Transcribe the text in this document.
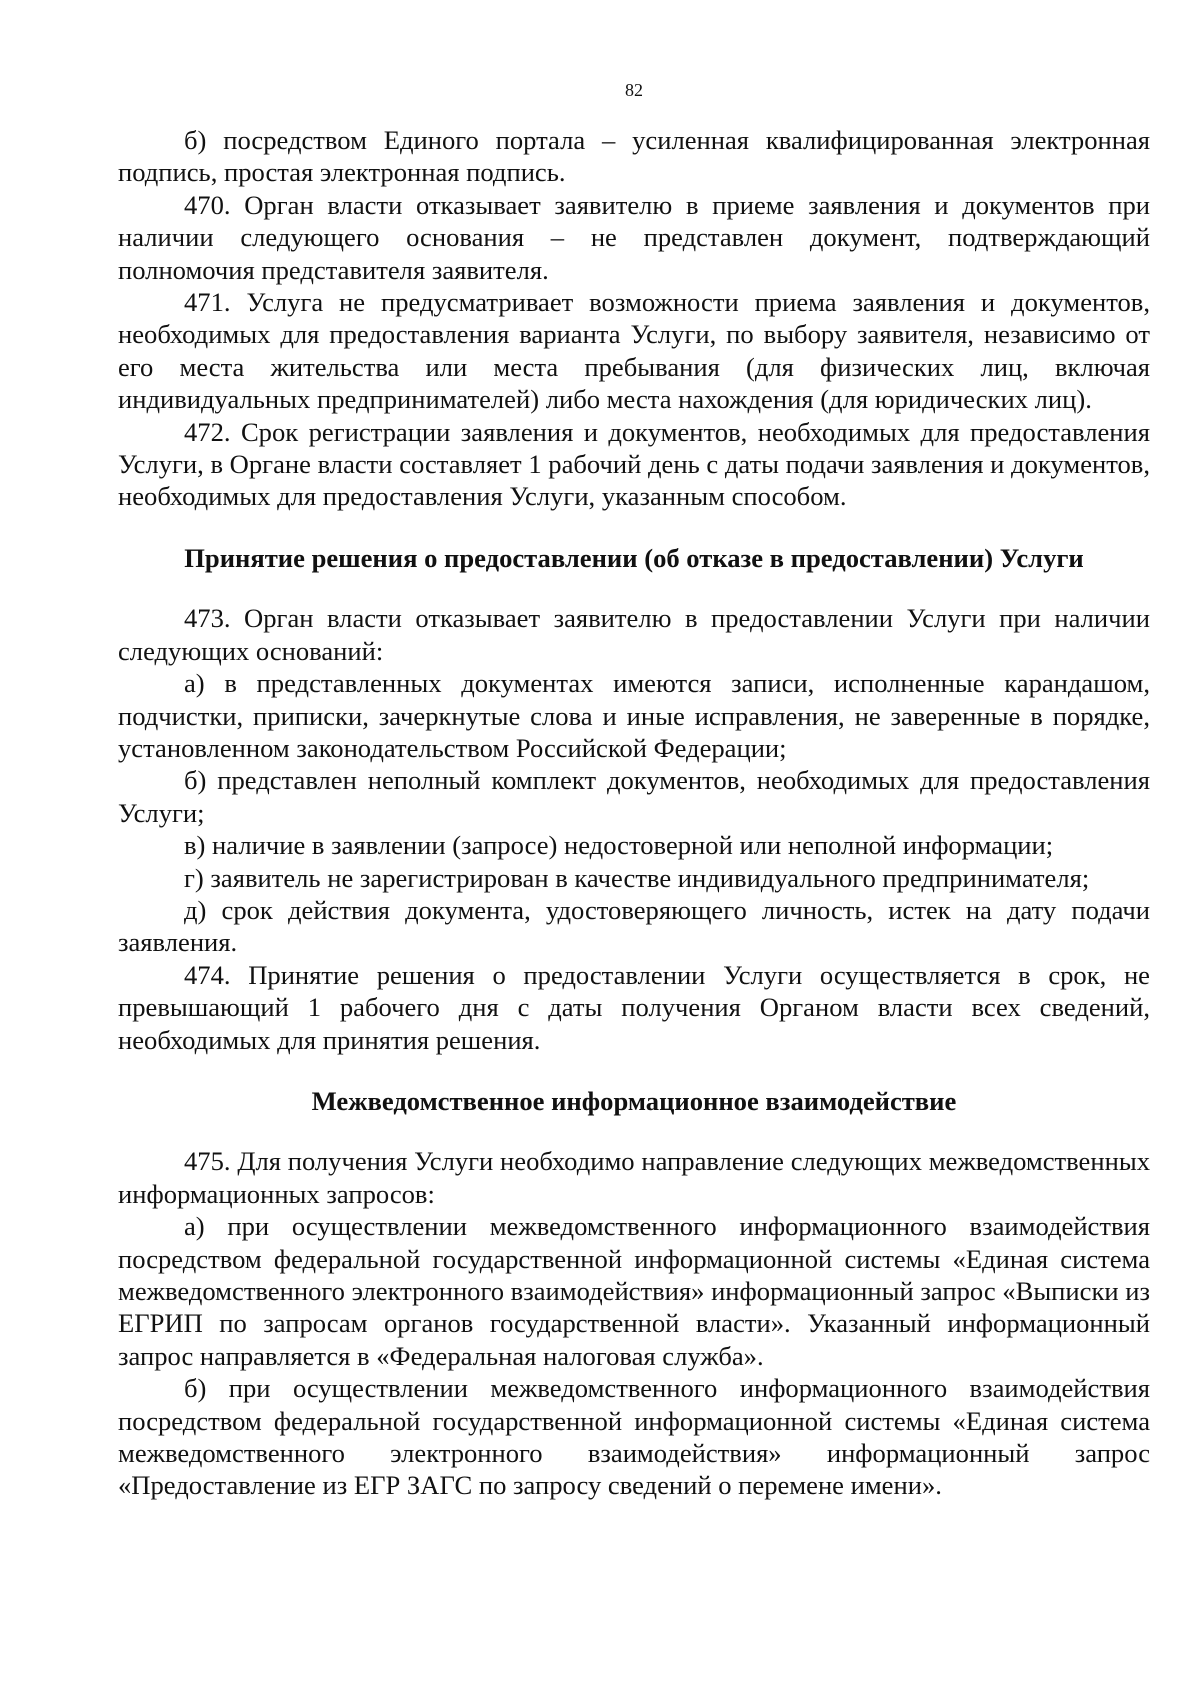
82

б) посредством Единого портала – усиленная квалифицированная электронная подпись, простая электронная подпись.

470. Орган власти отказывает заявителю в приеме заявления и документов при наличии следующего основания – не представлен документ, подтверждающий полномочия представителя заявителя.

471. Услуга не предусматривает возможности приема заявления и документов, необходимых для предоставления варианта Услуги, по выбору заявителя, независимо от его места жительства или места пребывания (для физических лиц, включая индивидуальных предпринимателей) либо места нахождения (для юридических лиц).

472. Срок регистрации заявления и документов, необходимых для предоставления Услуги, в Органе власти составляет 1 рабочий день с даты подачи заявления и документов, необходимых для предоставления Услуги, указанным способом.

Принятие решения о предоставлении (об отказе в предоставлении) Услуги

473. Орган власти отказывает заявителю в предоставлении Услуги при наличии следующих оснований:

а) в представленных документах имеются записи, исполненные карандашом, подчистки, приписки, зачеркнутые слова и иные исправления, не заверенные в порядке, установленном законодательством Российской Федерации;

б) представлен неполный комплект документов, необходимых для предоставления Услуги;

в) наличие в заявлении (запросе) недостоверной или неполной информации;

г) заявитель не зарегистрирован в качестве индивидуального предпринимателя;

д) срок действия документа, удостоверяющего личность, истек на дату подачи заявления.

474. Принятие решения о предоставлении Услуги осуществляется в срок, не превышающий 1 рабочего дня с даты получения Органом власти всех сведений, необходимых для принятия решения.

Межведомственное информационное взаимодействие

475. Для получения Услуги необходимо направление следующих межведомственных информационных запросов:

а) при осуществлении межведомственного информационного взаимодействия посредством федеральной государственной информационной системы «Единая система межведомственного электронного взаимодействия» информационный запрос «Выписки из ЕГРИП по запросам органов государственной власти». Указанный информационный запрос направляется в «Федеральная налоговая служба».

б) при осуществлении межведомственного информационного взаимодействия посредством федеральной государственной информационной системы «Единая система межведомственного электронного взаимодействия» информационный запрос «Предоставление из ЕГР ЗАГС по запросу сведений о перемене имени».
